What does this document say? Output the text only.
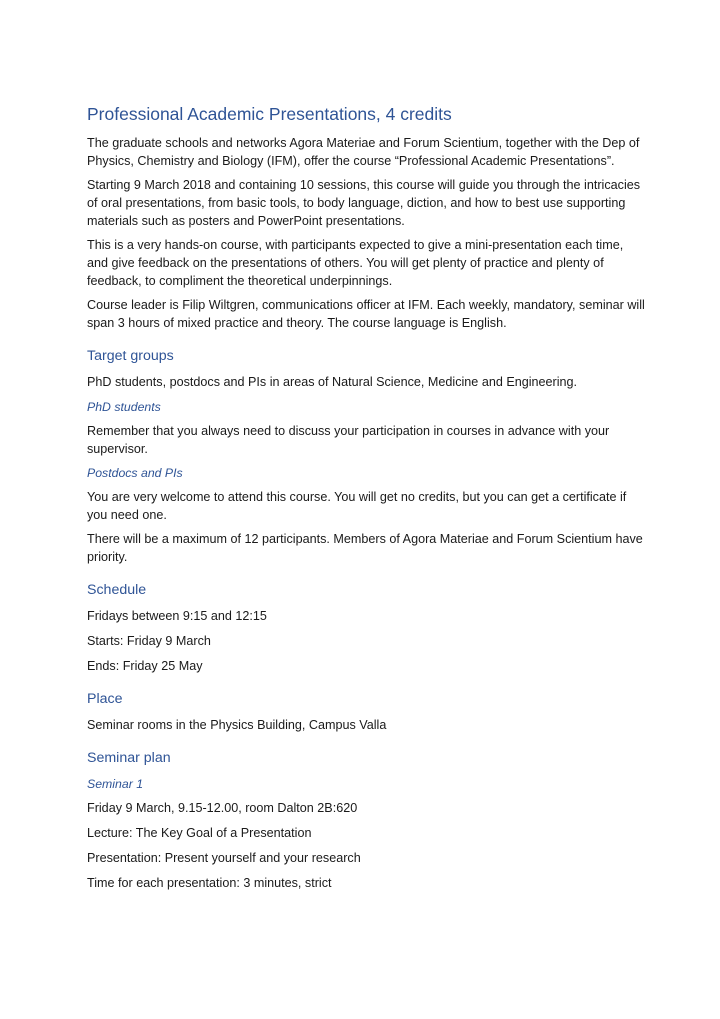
Professional Academic Presentations, 4 credits

The graduate schools and networks Agora Materiae and Forum Scientium, together with the Dep of Physics, Chemistry and Biology (IFM), offer the course “Professional Academic Presentations”.

Starting 9 March 2018 and containing 10 sessions, this course will guide you through the intricacies of oral presentations, from basic tools, to body language, diction, and how to best use supporting materials such as posters and PowerPoint presentations.

This is a very hands-on course, with participants expected to give a mini-presentation each time, and give feedback on the presentations of others. You will get plenty of practice and plenty of feedback, to compliment the theoretical underpinnings.

Course leader is Filip Wiltgren, communications officer at IFM. Each weekly, mandatory, seminar will span 3 hours of mixed practice and theory. The course language is English.

Target groups

PhD students, postdocs and PIs in areas of Natural Science, Medicine and Engineering.

PhD students

Remember that you always need to discuss your participation in courses in advance with your supervisor.

Postdocs and PIs

You are very welcome to attend this course. You will get no credits, but you can get a certificate if you need one.

There will be a maximum of 12 participants. Members of Agora Materiae and Forum Scientium have priority.

Schedule

Fridays between 9:15 and 12:15

Starts: Friday 9 March

Ends: Friday 25 May

Place

Seminar rooms in the Physics Building, Campus Valla

Seminar plan
Seminar 1

Friday 9 March, 9.15-12.00, room Dalton 2B:620

Lecture: The Key Goal of a Presentation

Presentation: Present yourself and your research

Time for each presentation: 3 minutes, strict
